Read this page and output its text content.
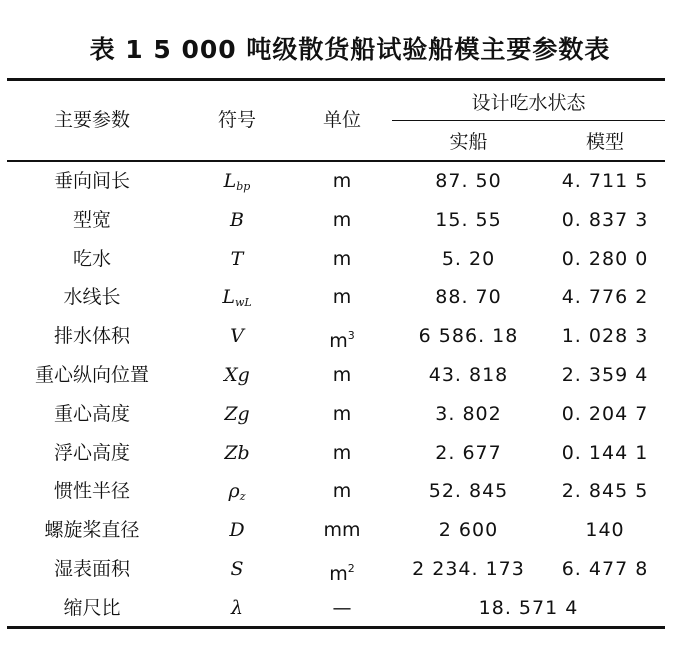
表 1 5 000 吨级散货船试验船模主要参数表
主要参数	符号	单位
设计吃水状态
实船	模型
垂向间长	$L_{bp}$	m	87. 50	4. 711 5
型宽	B	m	15. 55	0. 837 3
吃水	T	m	5. 20	0. 280 0
水线长	$L_{wL}$	m	88. 70	4. 776 2
排水体积	V	$m^3$	6 586. 18	1. 028 3
重心纵向位置	Xg	m	43. 818	2. 359 4
重心高度	Zg	m	3. 802	0. 204 7
浮心高度	Zb	m	2. 677	0. 144 1
惯性半径	$\rho_z$	m	52. 845	2. 845 5
螺旋桨直径	D	mm	2 600	140
湿表面积	S	$m^2$	2 234. 173	6. 477 8
缩尺比	λ	—	18. 571 4
